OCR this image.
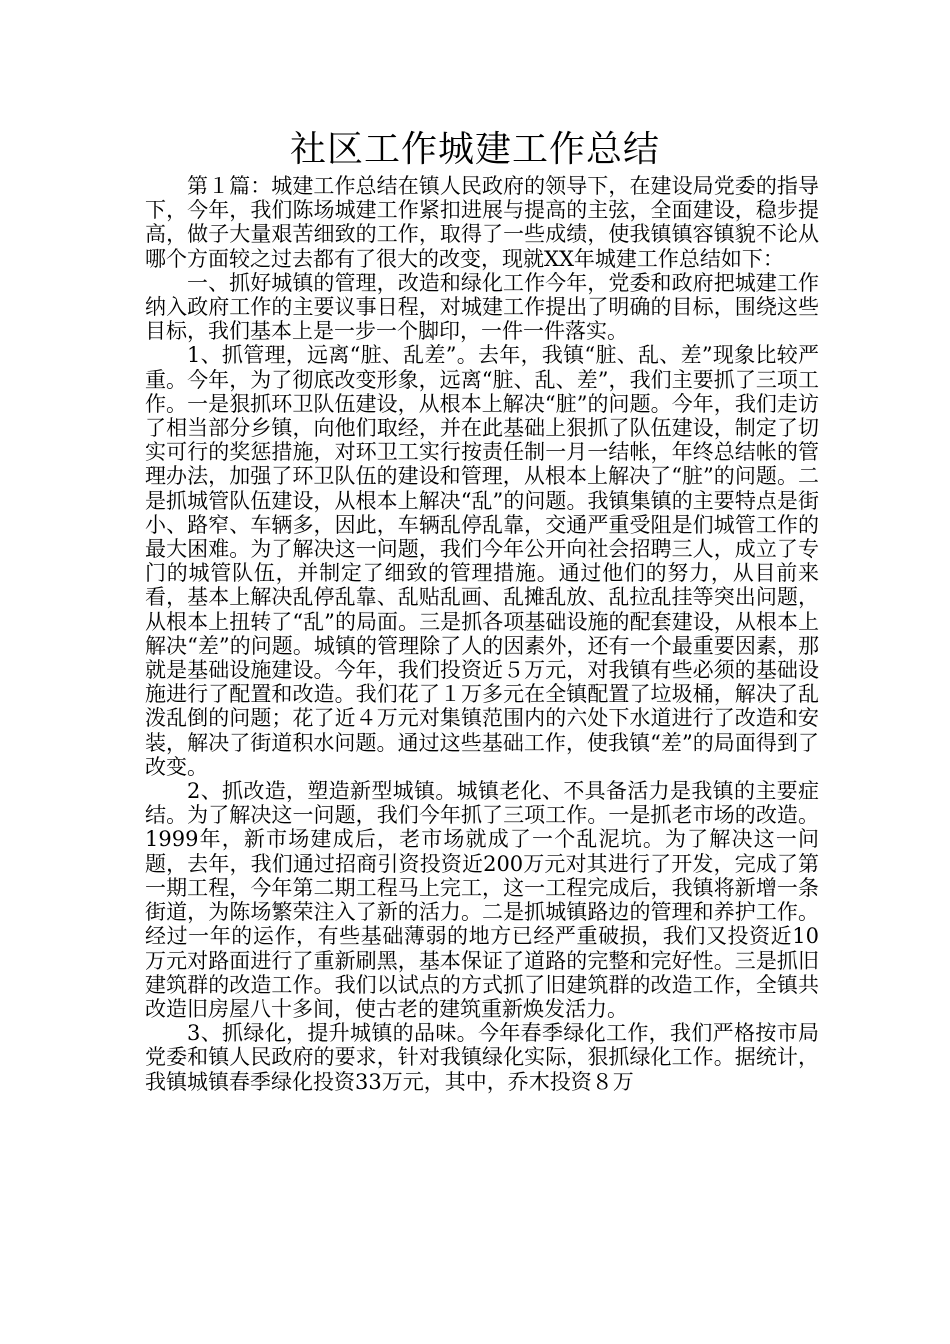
社区工作城建工作总结

第１篇：城建工作总结在镇人民政府的领导下，在建设局党委的指导下，今年，我们陈场城建工作紧扣进展与提高的主弦，全面建设，稳步提高，做子大量艰苦细致的工作，取得了一些成绩，使我镇镇容镇貌不论从哪个方面较之过去都有了很大的改变，现就XX年城建工作总结如下：

一、抓好城镇的管理，改造和绿化工作今年，党委和政府把城建工作纳入政府工作的主要议事日程，对城建工作提出了明确的目标，围绕这些目标，我们基本上是一步一个脚印，一件一件落实。

1、抓管理，远离“脏、乱差”。去年，我镇“脏、乱、差”现象比较严重。今年，为了彻底改变形象，远离“脏、乱、差”，我们主要抓了三项工作。一是狠抓环卫队伍建设，从根本上解决“脏”的问题。今年，我们走访了相当部分乡镇，向他们取经，并在此基础上狠抓了队伍建设，制定了切实可行的奖惩措施，对环卫工实行按责任制一月一结帐，年终总结帐的管理办法，加强了环卫队伍的建设和管理，从根本上解决了“脏”的问题。二是抓城管队伍建设，从根本上解决“乱”的问题。我镇集镇的主要特点是街小、路窄、车辆多，因此，车辆乱停乱靠，交通严重受阻是们城管工作的最大困难。为了解决这一问题，我们今年公开向社会招聘三人，成立了专门的城管队伍，并制定了细致的管理措施。通过他们的努力，从目前来看，基本上解决乱停乱靠、乱贴乱画、乱摊乱放、乱拉乱挂等突出问题，从根本上扭转了“乱”的局面。三是抓各项基础设施的配套建设，从根本上解决“差”的问题。城镇的管理除了人的因素外，还有一个最重要因素，那就是基础设施建设。今年，我们投资近５万元，对我镇有些必须的基础设施进行了配置和改造。我们花了１万多元在全镇配置了垃圾桶，解决了乱泼乱倒的问题；花了近４万元对集镇范围内的六处下水道进行了改造和安装，解决了街道积水问题。通过这些基础工作，使我镇“差”的局面得到了改变。

2、抓改造，塑造新型城镇。城镇老化、不具备活力是我镇的主要症结。为了解决这一问题，我们今年抓了三项工作。一是抓老市场的改造。1999年，新市场建成后，老市场就成了一个乱泥坑。为了解决这一问题，去年，我们通过招商引资投资近200万元对其进行了开发，完成了第一期工程，今年第二期工程马上完工，这一工程完成后，我镇将新增一条街道，为陈场繁荣注入了新的活力。二是抓城镇路边的管理和养护工作。经过一年的运作，有些基础薄弱的地方已经严重破损，我们又投资近10万元对路面进行了重新刷黑，基本保证了道路的完整和完好性。三是抓旧建筑群的改造工作。我们以试点的方式抓了旧建筑群的改造工作，全镇共改造旧房屋八十多间，使古老的建筑重新焕发活力。

3、抓绿化，提升城镇的品味。今年春季绿化工作，我们严格按市局党委和镇人民政府的要求，针对我镇绿化实际，狠抓绿化工作。据统计，我镇城镇春季绿化投资33万元，其中，乔木投资８万
